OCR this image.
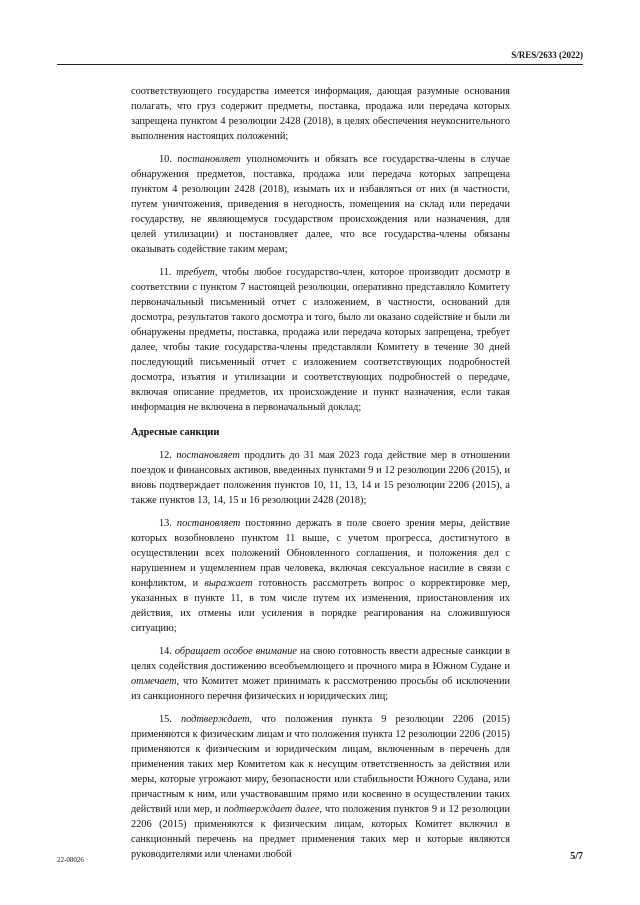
S/RES/2633 (2022)

соответствующего государства имеется информация, дающая разумные основания полагать, что груз содержит предметы, поставка, продажа или передача которых запрещена пунктом 4 резолюции 2428 (2018), в целях обеспечения неукоснительного выполнения настоящих положений;

10. постановляет уполномочить и обязать все государства-члены в случае обнаружения предметов, поставка, продажа или передача которых запрещена пунктом 4 резолюции 2428 (2018), изымать их и избавляться от них (в частности, путем уничтожения, приведения в негодность, помещения на склад или передачи государству, не являющемуся государством происхождения или назначения, для целей утилизации) и постановляет далее, что все государства-члены обязаны оказывать содействие таким мерам;

11. требует, чтобы любое государство-член, которое производит досмотр в соответствии с пунктом 7 настоящей резолюции, оперативно представляло Комитету первоначальный письменный отчет с изложением, в частности, оснований для досмотра, результатов такого досмотра и того, было ли оказано содействие и были ли обнаружены предметы, поставка, продажа или передача которых запрещена, требует далее, чтобы такие государства-члены представляли Комитету в течение 30 дней последующий письменный отчет с изложением соответствующих подробностей досмотра, изъятия и утилизации и соответствующих подробностей о передаче, включая описание предметов, их происхождение и пункт назначения, если такая информация не включена в первоначальный доклад;

Адресные санкции

12. постановляет продлить до 31 мая 2023 года действие мер в отношении поездок и финансовых активов, введенных пунктами 9 и 12 резолюции 2206 (2015), и вновь подтверждает положения пунктов 10, 11, 13, 14 и 15 резолюции 2206 (2015), а также пунктов 13, 14, 15 и 16 резолюции 2428 (2018);

13. постановляет постоянно держать в поле своего зрения меры, действие которых возобновлено пунктом 11 выше, с учетом прогресса, достигнутого в осуществлении всех положений Обновленного соглашения, и положения дел с нарушением и ущемлением прав человека, включая сексуальное насилие в связи с конфликтом, и выражает готовность рассмотреть вопрос о корректировке мер, указанных в пункте 11, в том числе путем их изменения, приостановления их действия, их отмены или усиления в порядке реагирования на сложившуюся ситуацию;

14. обращает особое внимание на свою готовность ввести адресные санкции в целях содействия достижению всеобъемлющего и прочного мира в Южном Судане и отмечает, что Комитет может принимать к рассмотрению просьбы об исключении из санкционного перечня физических и юридических лиц;

15. подтверждает, что положения пункта 9 резолюции 2206 (2015) применяются к физическим лицам и что положения пункта 12 резолюции 2206 (2015) применяются к физическим и юридическим лицам, включенным в перечень для применения таких мер Комитетом как к несущим ответственность за действия или меры, которые угрожают миру, безопасности или стабильности Южного Судана, или причастным к ним, или участвовавшим прямо или косвенно в осуществлении таких действий или мер, и подтверждает далее, что положения пунктов 9 и 12 резолюции 2206 (2015) применяются к физическим лицам, которых Комитет включил в санкционный перечень на предмет применения таких мер и которые являются руководителями или членами любой

22-08026	5/7
